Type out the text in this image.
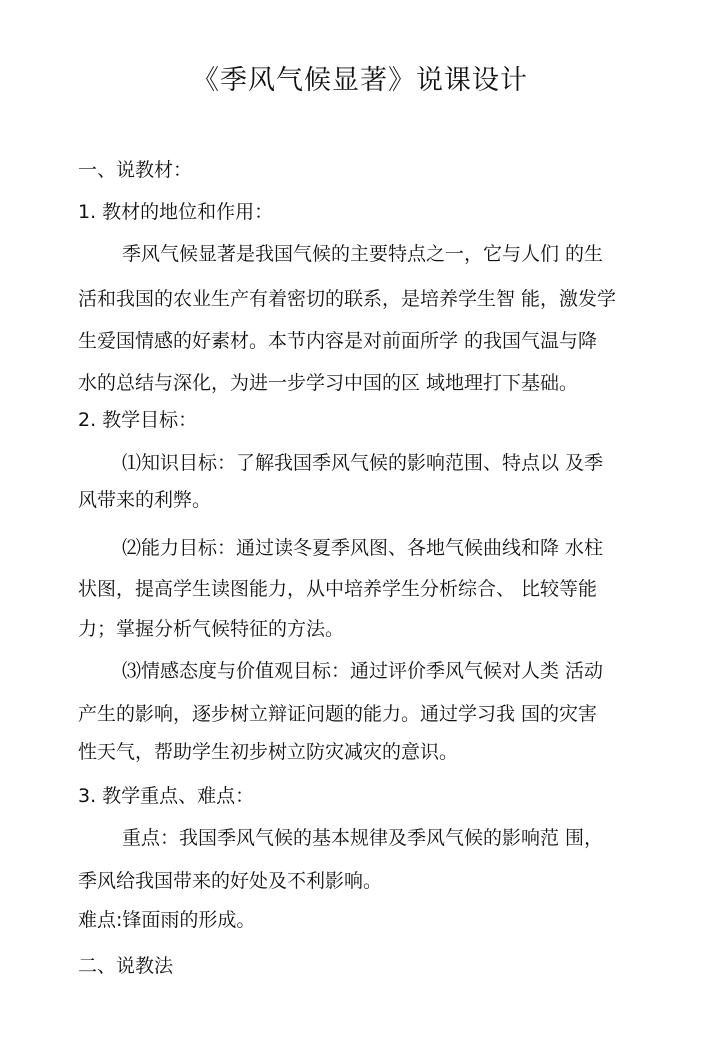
《季风气候显著》说课设计
一、说教材：
1. 教材的地位和作用：
季风气候显著是我国气候的主要特点之一，它与人们 的生
活和我国的农业生产有着密切的联系，是培养学生智 能，激发学
生爱国情感的好素材。本节内容是对前面所学 的我国气温与降
水的总结与深化，为进一步学习中国的区 域地理打下基础。
2. 教学目标：
⑴知识目标：了解我国季风气候的影响范围、特点以 及季
风带来的利弊。
⑵能力目标：通过读冬夏季风图、各地气候曲线和降 水柱
状图，提高学生读图能力，从中培养学生分析综合、 比较等能
力；掌握分析气候特征的方法。
⑶情感态度与价值观目标：通过评价季风气候对人类 活动
产生的影响，逐步树立辩证问题的能力。通过学习我 国的灾害
性天气，帮助学生初步树立防灾减灾的意识。
3. 教学重点、难点：
重点：我国季风气候的基本规律及季风气候的影响范 围，
季风给我国带来的好处及不利影响。
难点:锋面雨的形成。
二、说教法
